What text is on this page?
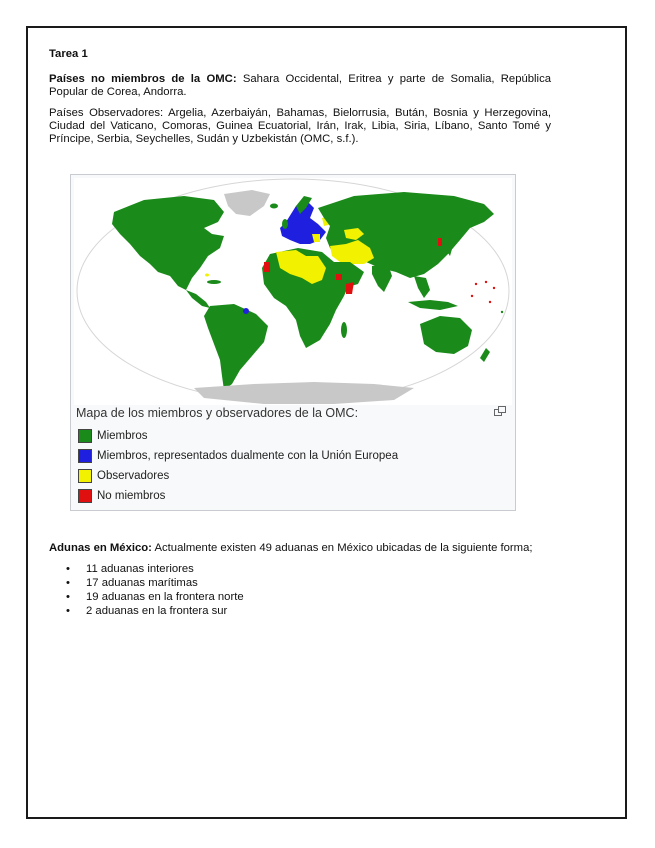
Tarea 1

Países no miembros de la OMC: Sahara Occidental, Eritrea y parte de Somalia, República Popular de Corea, Andorra.

Países Observadores: Argelia, Azerbaiyán, Bahamas, Bielorrusia, Bután, Bosnia y Herzegovina, Ciudad del Vaticano, Comoras, Guinea Ecuatorial, Irán, Irak, Libia, Siria, Líbano, Santo Tomé y Príncipe, Serbia, Seychelles, Sudán y Uzbekistán (OMC, s.f.).

Mapa de los miembros y observadores de la OMC:
Miembros
Miembros, representados dualmente con la Unión Europea
Observadores
No miembros
Adunas en México: Actualmente existen 49 aduanas en México ubicadas de la siguiente forma;
• 11 aduanas interiores
• 17 aduanas marítimas
• 19 aduanas en la frontera norte
• 2 aduanas en la frontera sur
